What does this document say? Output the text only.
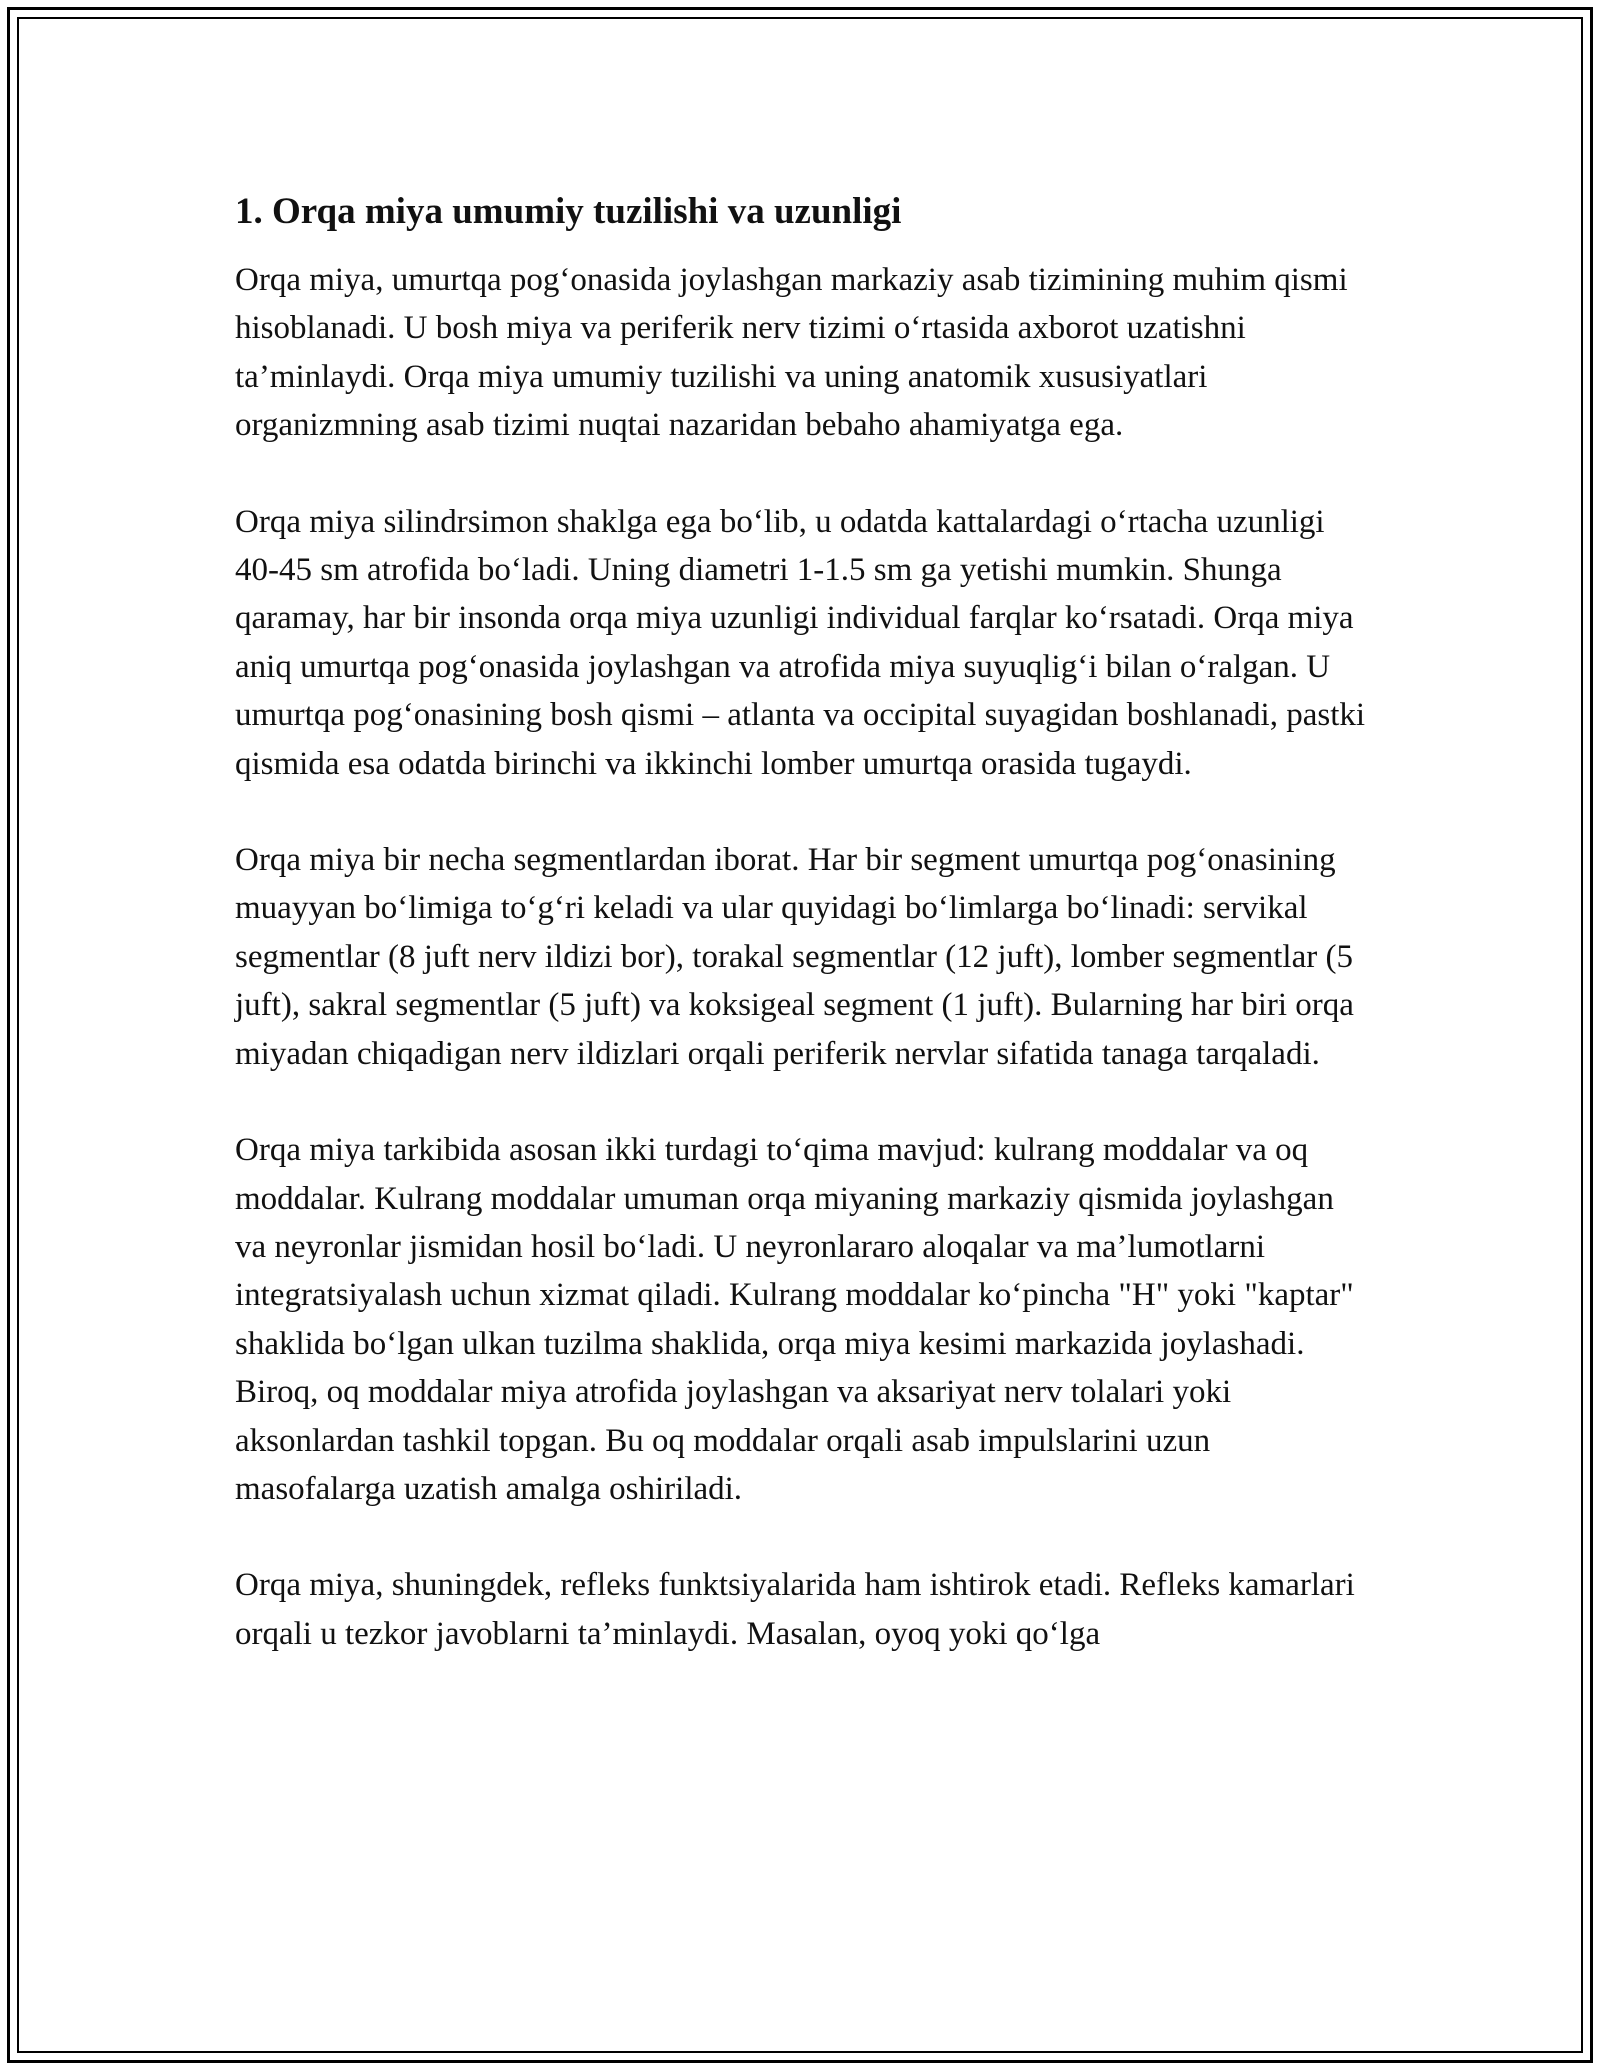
1. Orqa miya umumiy tuzilishi va uzunligi

Orqa miya, umurtqa pog‘onasida joylashgan markaziy asab tizimining muhim qismi hisoblanadi. U bosh miya va periferik nerv tizimi o‘rtasida axborot uzatishni ta’minlaydi. Orqa miya umumiy tuzilishi va uning anatomik xususiyatlari organizmning asab tizimi nuqtai nazaridan bebaho ahamiyatga ega.

Orqa miya silindrsimon shaklga ega bo‘lib, u odatda kattalardagi o‘rtacha uzunligi 40-45 sm atrofida bo‘ladi. Uning diametri 1-1.5 sm ga yetishi mumkin. Shunga qaramay, har bir insonda orqa miya uzunligi individual farqlar ko‘rsatadi. Orqa miya aniq umurtqa pog‘onasida joylashgan va atrofida miya suyuqlig‘i bilan o‘ralgan. U umurtqa pog‘onasining bosh qismi – atlanta va occipital suyagidan boshlanadi, pastki qismida esa odatda birinchi va ikkinchi lomber umurtqa orasida tugaydi.

Orqa miya bir necha segmentlardan iborat. Har bir segment umurtqa pog‘onasining muayyan bo‘limiga to‘g‘ri keladi va ular quyidagi bo‘limlarga bo‘linadi: servikal segmentlar (8 juft nerv ildizi bor), torakal segmentlar (12 juft), lomber segmentlar (5 juft), sakral segmentlar (5 juft) va koksigeal segment (1 juft). Bularning har biri orqa miyadan chiqadigan nerv ildizlari orqali periferik nervlar sifatida tanaga tarqaladi.

Orqa miya tarkibida asosan ikki turdagi to‘qima mavjud: kulrang moddalar va oq moddalar. Kulrang moddalar umuman orqa miyaning markaziy qismida joylashgan va neyronlar jismidan hosil bo‘ladi. U neyronlararo aloqalar va ma’lumotlarni integratsiyalash uchun xizmat qiladi. Kulrang moddalar ko‘pincha "H" yoki "kaptar" shaklida bo‘lgan ulkan tuzilma shaklida, orqa miya kesimi markazida joylashadi. Biroq, oq moddalar miya atrofida joylashgan va aksariyat nerv tolalari yoki aksonlardan tashkil topgan. Bu oq moddalar orqali asab impulslarini uzun masofalarga uzatish amalga oshiriladi.

Orqa miya, shuningdek, refleks funktsiyalarida ham ishtirok etadi. Refleks kamarlari orqali u tezkor javoblarni ta’minlaydi. Masalan, oyoq yoki qo‘lga
